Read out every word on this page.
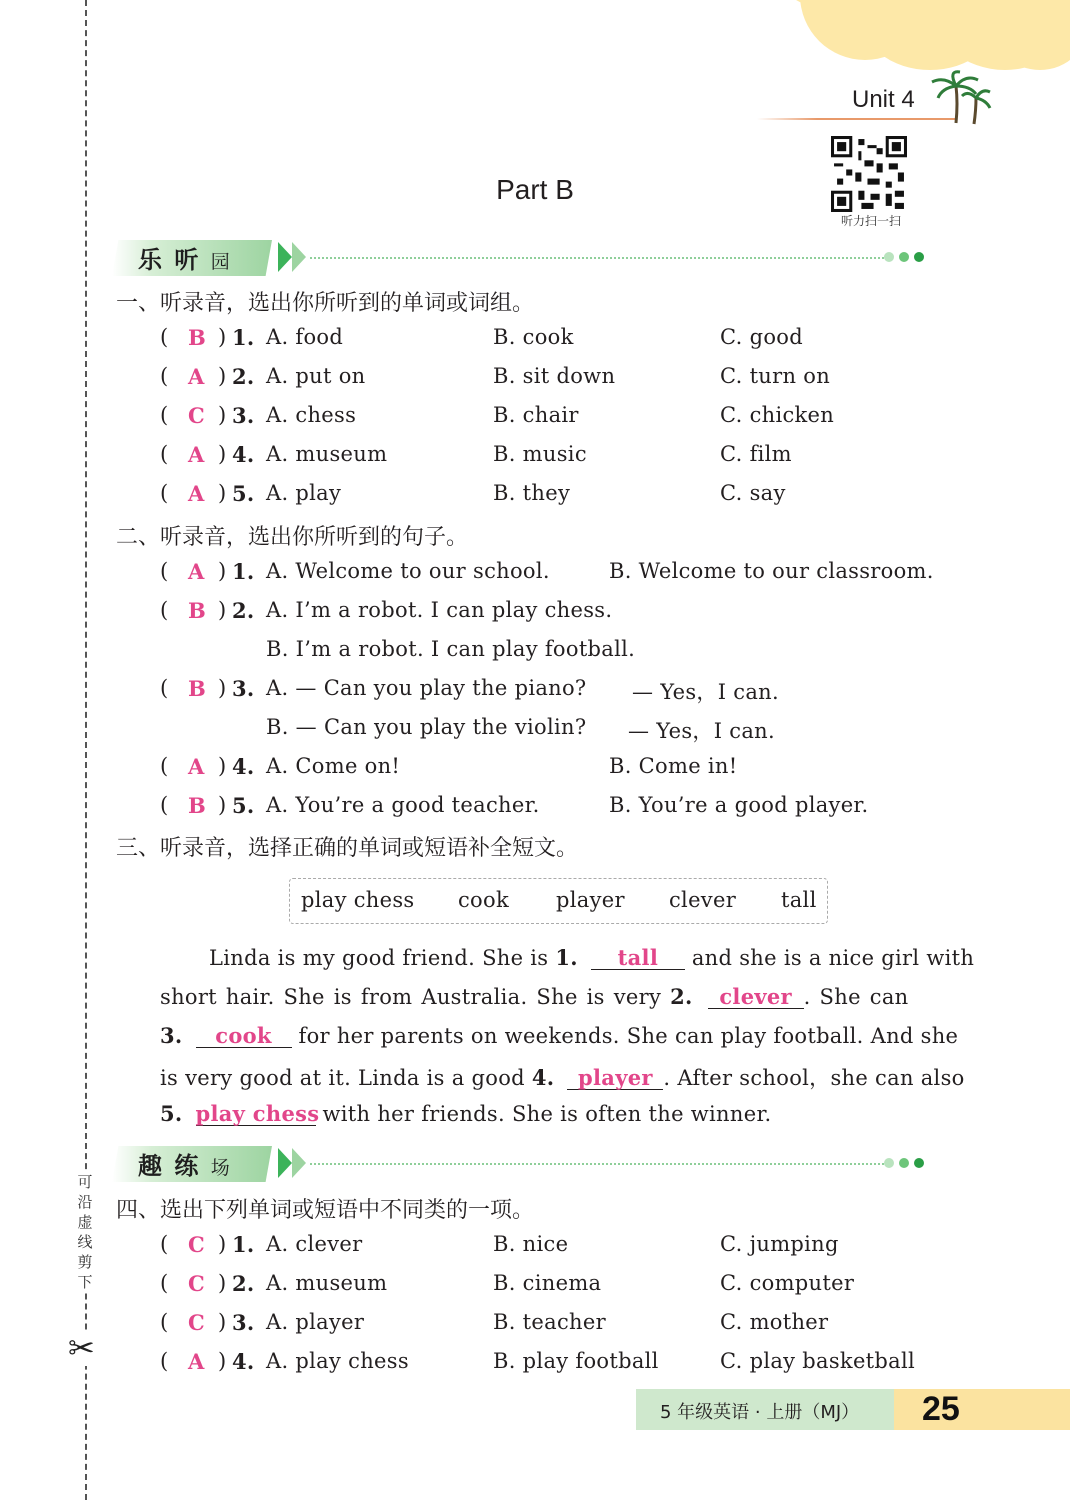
可沿虚线剪下
✂
Unit 4
听力扫一扫
Part B
乐 听 园
一、听录音，选出你所听到的单词或词组。
( B ) 1. A. food	B. cook	C. good
( A ) 2. A. put on	B. sit down	C. turn on
( C ) 3. A. chess	B. chair	C. chicken
( A ) 4. A. museum	B. music	C. film
( A ) 5. A. play	B. they	C. say
二、听录音，选出你所听到的句子。
( A ) 1. A. Welcome to our school.	B. Welcome to our classroom.
( B ) 2. A. I’m a robot. I can play chess.
B. I’m a robot. I can play football.
( B ) 3. A. — Can you play the piano? — Yes，I can.
B. — Can you play the violin? — Yes，I can.
( A ) 4. A. Come on!	B. Come in!
( B ) 5. A. You’re a good teacher.	B. You’re a good player.
三、听录音，选择正确的单词或短语补全短文。
play chess cook player clever tall
Linda is my good friend. She is 1. tall and she is a nice girl with
short hair. She is from Australia. She is very 2. clever . She can
3. cook for her parents on weekends. She can play football. And she
is very good at it. Linda is a good 4. player . After school，she can also
5. play chess with her friends. She is often the winner.
趣 练 场
四、选出下列单词或短语中不同类的一项。
( C ) 1. A. clever	B. nice	C. jumping
( C ) 2. A. museum	B. cinema	C. computer
( C ) 3. A. player	B. teacher	C. mother
( A ) 4. A. play chess	B. play football	C. play basketball
5 年级英语 · 上册（MJ） 25
